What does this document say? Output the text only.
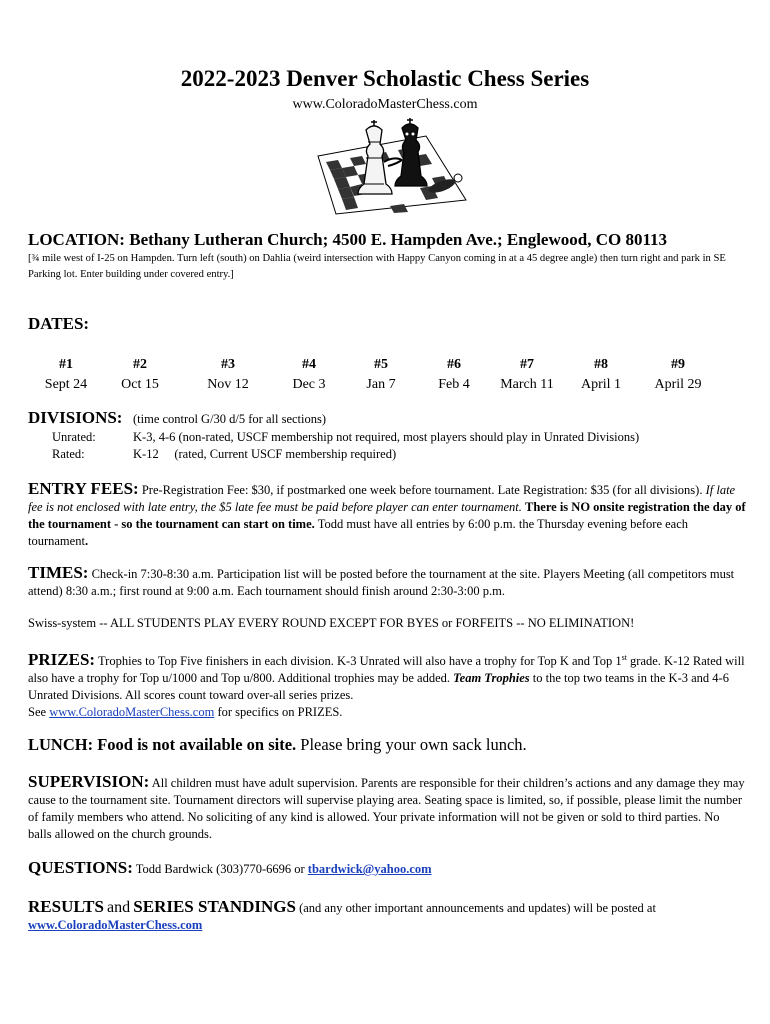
2022-2023 Denver Scholastic Chess Series
www.ColoradoMasterChess.com
LOCATION: Bethany Lutheran Church; 4500 E. Hampden Ave.; Englewood, CO 80113
[¾ mile west of I-25 on Hampden. Turn left (south) on Dahlia (weird intersection with Happy Canyon coming in at a 45 degree angle) then turn right and park in SE Parking lot. Enter building under covered entry.]
DATES:
#1
Sept 24
#2
Oct 15
#3
Nov 12
#4
Dec 3
#5
Jan 7
#6
Feb 4
#7
March 11
#8
April 1
#9
April 29
DIVISIONS: (time control G/30 d/5 for all sections)
Unrated:	K-3, 4-6 (non-rated, USCF membership not required, most players should play in Unrated Divisions)
Rated:	K-12     (rated, Current USCF membership required)
ENTRY FEES: Pre-Registration Fee: $30, if postmarked one week before tournament. Late Registration: $35 (for all divisions). If late fee is not enclosed with late entry, the $5 late fee must be paid before player can enter tournament. There is NO onsite registration the day of the tournament - so the tournament can start on time. Todd must have all entries by 6:00 p.m. the Thursday evening before each tournament.
TIMES: Check-in 7:30-8:30 a.m. Participation list will be posted before the tournament at the site. Players Meeting (all competitors must attend) 8:30 a.m.; first round at 9:00 a.m. Each tournament should finish around 2:30-3:00 p.m.
Swiss-system -- ALL STUDENTS PLAY EVERY ROUND EXCEPT FOR BYES or FORFEITS -- NO ELIMINATION!
PRIZES: Trophies to Top Five finishers in each division. K-3 Unrated will also have a trophy for Top K and Top 1st grade. K-12 Rated will also have a trophy for Top u/1000 and Top u/800. Additional trophies may be added. Team Trophies to the top two teams in the K-3 and 4-6 Unrated Divisions. All scores count toward over-all series prizes.
See www.ColoradoMasterChess.com for specifics on PRIZES.
LUNCH: Food is not available on site. Please bring your own sack lunch.
SUPERVISION: All children must have adult supervision. Parents are responsible for their children’s actions and any damage they may cause to the tournament site. Tournament directors will supervise playing area. Seating space is limited, so, if possible, please limit the number of family members who attend. No soliciting of any kind is allowed. Your private information will not be given or sold to third parties. No balls allowed on the church grounds.
QUESTIONS: Todd Bardwick (303)770-6696 or tbardwick@yahoo.com
RESULTS and SERIES STANDINGS (and any other important announcements and updates) will be posted at www.ColoradoMasterChess.com
